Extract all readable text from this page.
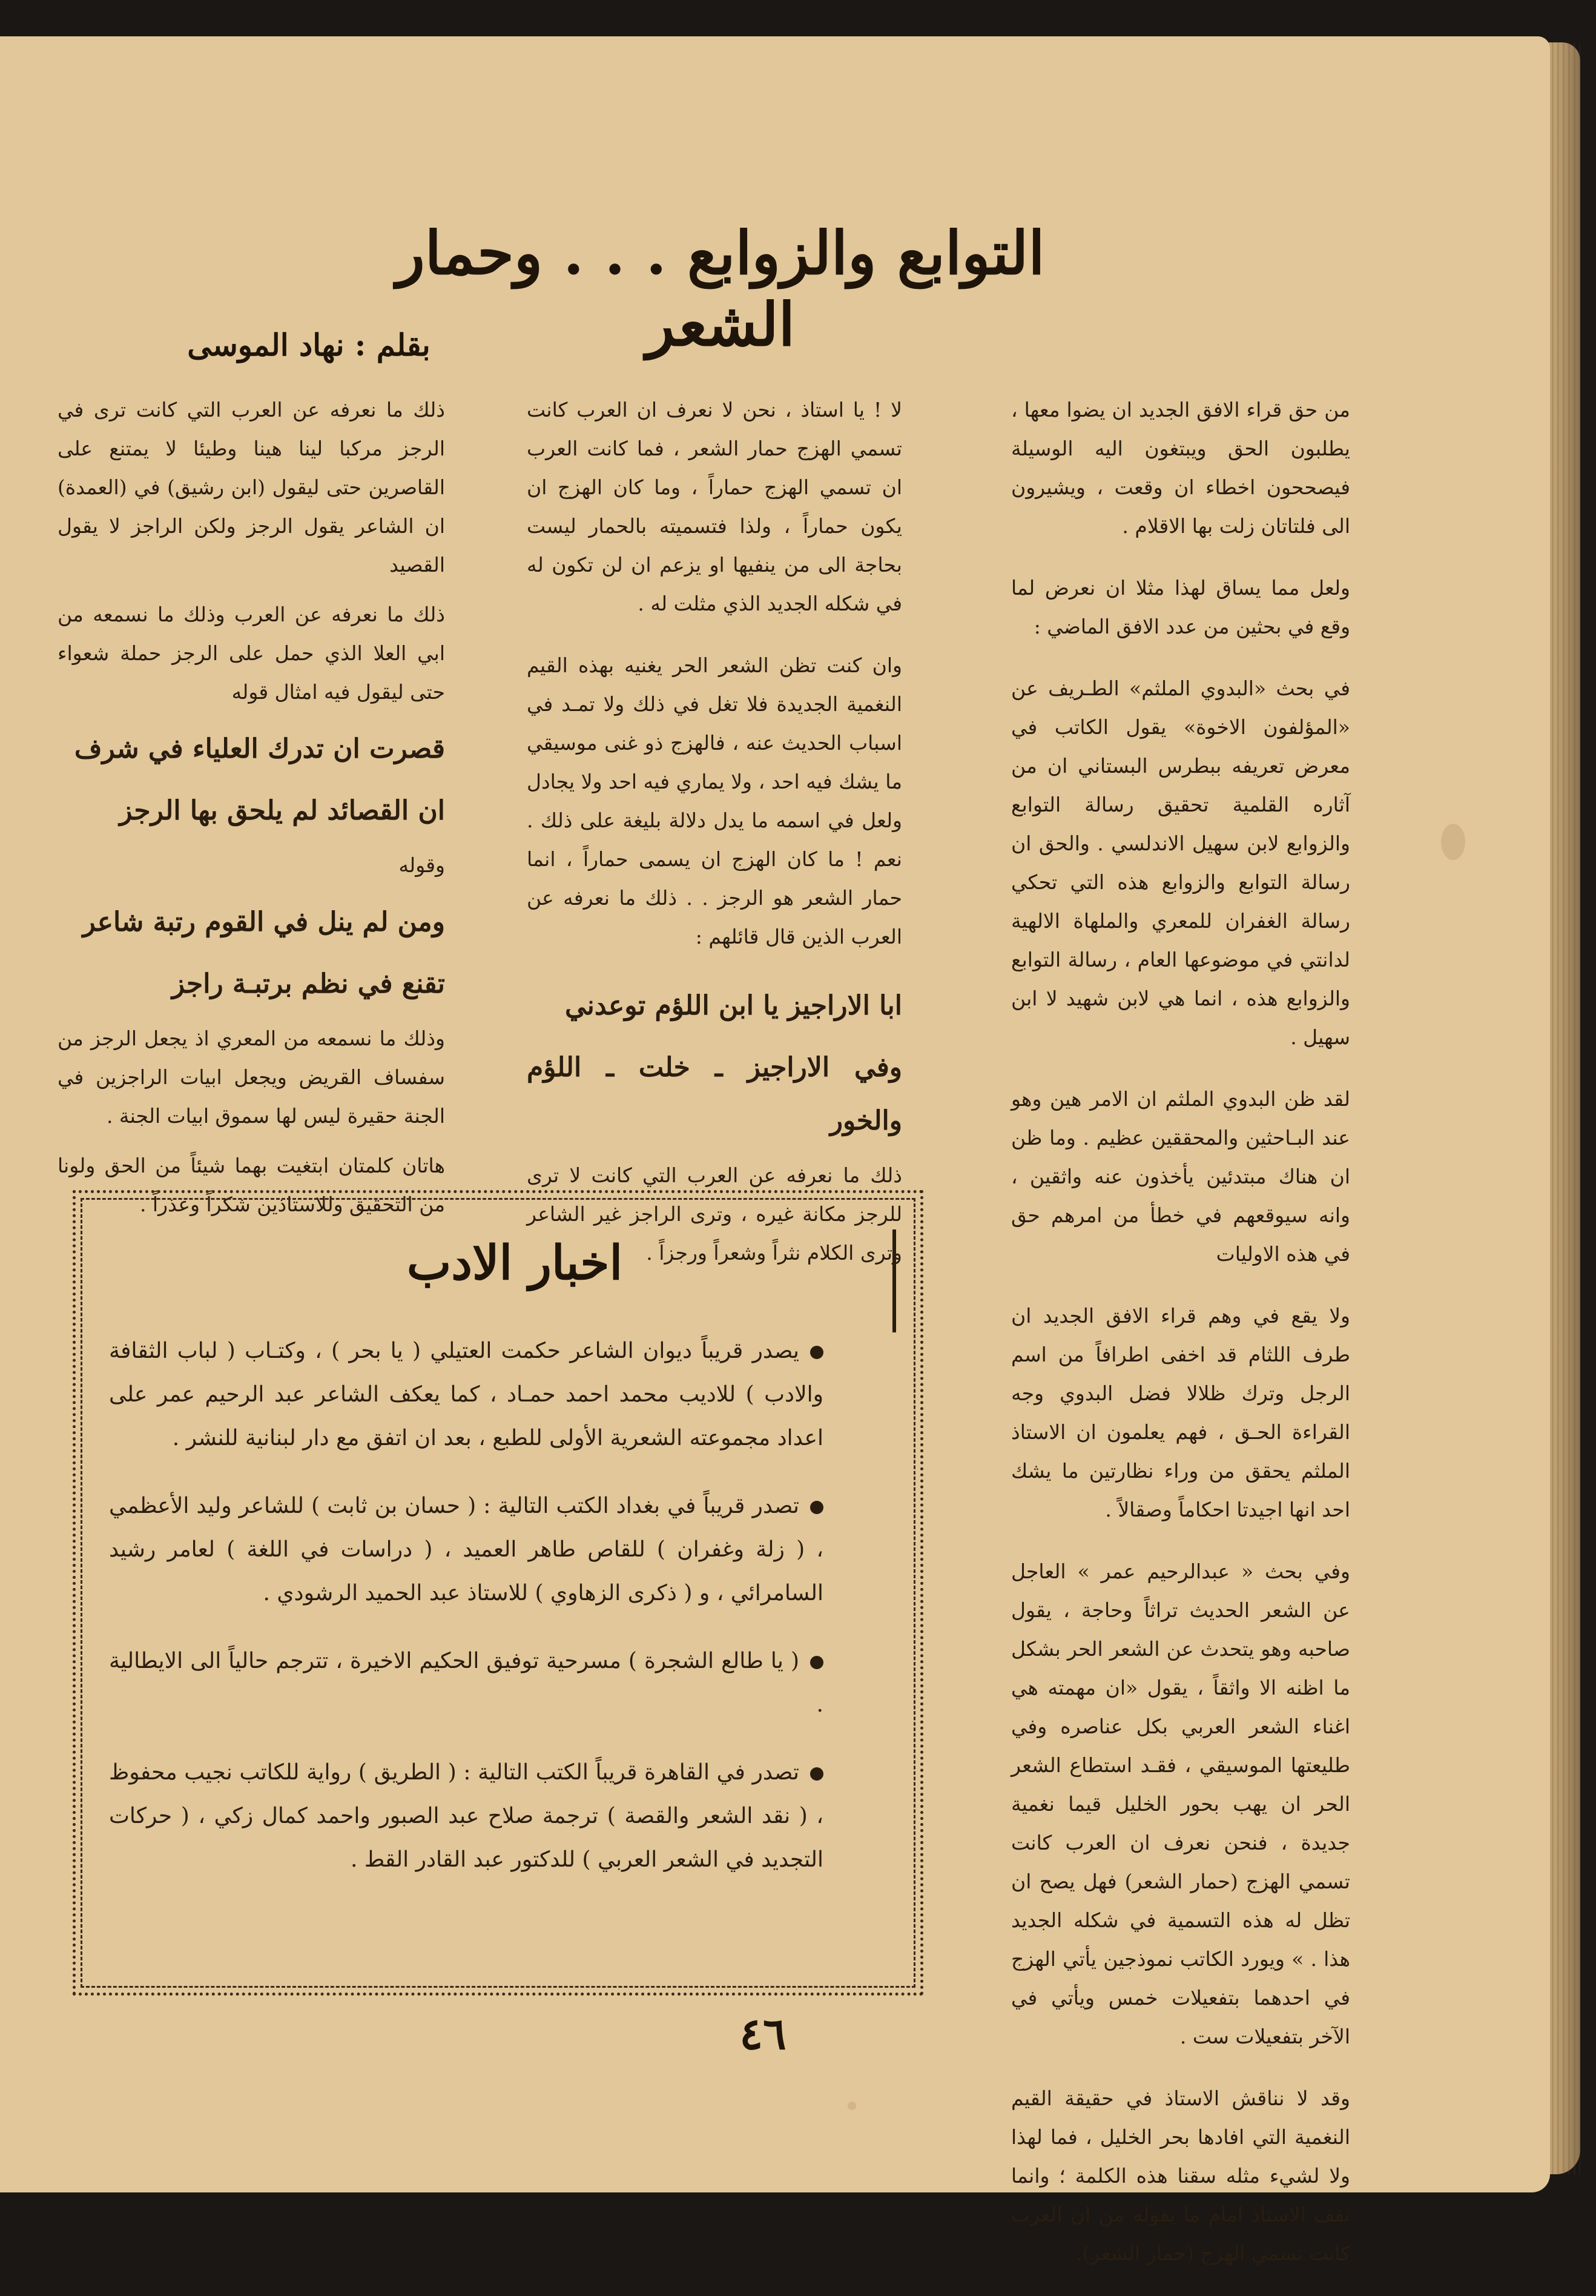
التوابع والزوابع . . . وحمار الشعر
بقلم : نهاد الموسى

من حق قراء الافق الجديد ان يضوا معها ، يطلبون الحق ويبتغون اليه الوسيلة فيصححون اخطاء ان وقعت ، ويشيرون الى فلتاتان زلت بها الاقلام .

ولعل مما يساق لهذا مثلا ان نعرض لما وقع في بحثين من عدد الافق الماضي :

في بحث «البدوي الملثم» الطـريف عن «المؤلفون الاخوة» يقول الكاتب في معرض تعريفه ببطرس البستاني ان من آثاره القلمية تحقيق رسالة التوابع والزوابع لابن سهيل الاندلسي . والحق ان رسالة التوابع والزوابع هذه التي تحكي رسالة الغفران للمعري والملهاة الالهية لدانتي في موضوعها العام ، رسالة التوابع والزوابع هذه ، انما هي لابن شهيد لا ابن سهيل .

لقد ظن البدوي الملثم ان الامر هين وهو عند البـاحثين والمحققين عظيم . وما ظن ان هناك مبتدئين يأخذون عنه واثقين ، وانه سيوقعهم في خطأ من امرهم حق في هذه الاوليات

ولا يقع في وهم قراء الافق الجديد ان طرف اللثام قد اخفى اطرافاً من اسم الرجل وترك ظلالا فضل البدوي وجه القراءة الحـق ، فهم يعلمون ان الاستاذ الملثم يحقق من وراء نظارتين ما يشك احد انها اجيدتا احكاماً وصقالاً .

وفي بحث « عبدالرحيم عمر » العاجل عن الشعر الحديث تراثاً وحاجة ، يقول صاحبه وهو يتحدث عن الشعر الحر بشكل ما اظنه الا واثقاً ، يقول «ان مهمته هي اغناء الشعر العربي بكل عناصره وفي طليعتها الموسيقي ، فقـد استطاع الشعر الحر ان يهب بحور الخليل قيما نغمية جديدة ، فنحن نعرف ان العرب كانت تسمي الهزج (حمار الشعر) فهل يصح ان تظل له هذه التسمية في شكله الجديد هذا . » ويورد الكاتب نموذجين يأتي الهزج في احدهما بتفعيلات خمس ويأتي في الآخر بتفعيلات ست .

وقد لا نناقش الاستاذ في حقيقة القيم النغمية التي افادها بحر الخليل ، فما لهذا ولا لشيء مثله سقنا هذه الكلمة ؛ وانما نقف الاستاذ امام ما يقوله من ان العرب كانت تسمي الهزج (حمار الشعر).

لا ! يا استاذ ، نحن لا نعرف ان العرب كانت تسمي الهزج حمار الشعر ، فما كانت العرب ان تسمي الهزج حماراً ، وما كان الهزج ان يكون حماراً ، ولذا فتسميته بالحمار ليست بحاجة الى من ينفيها او يزعم ان لن تكون له في شكله الجديد الذي مثلت له .

وان كنت تظن الشعر الحر يغنيه بهذه القيم النغمية الجديدة فلا تغل في ذلك ولا تمـد في اسباب الحديث عنه ، فالهزج ذو غنى موسيقي ما يشك فيه احد ، ولا يماري فيه احد ولا يجادل ولعل في اسمه ما يدل دلالة بليغة على ذلك . نعم ! ما كان الهزج ان يسمى حماراً ، انما حمار الشعر هو الرجز . . ذلك ما نعرفه عن العرب الذين قال قائلهم :

ابا الاراجيز يا ابن اللؤم توعدني
وفي الاراجيز ـ خلت ـ اللؤم والخور

ذلك ما نعرفه عن العرب التي كانت لا ترى للرجز مكانة غيره ، وترى الراجز غير الشاعر وترى الكلام نثراً وشعراً ورجزاً .

ذلك ما نعرفه عن العرب التي كانت ترى في الرجز مركبا لينا هينا وطيئا لا يمتنع على القاصرين حتى ليقول (ابن رشيق) في (العمدة) ان الشاعر يقول الرجز ولكن الراجز لا يقول القصيد

ذلك ما نعرفه عن العرب وذلك ما نسمعه من ابي العلا الذي حمل على الرجز حملة شعواء حتى ليقول فيه امثال قوله

قصرت ان تدرك العلياء في شرف
ان القصائد لم يلحق بها الرجز

وقوله

ومن لم ينل في القوم رتبة شاعر
تقنع في نظم برتبـة راجز

وذلك ما نسمعه من المعري اذ يجعل الرجز من سفساف القريض ويجعل ابيات الراجزين في الجنة حقيرة ليس لها سموق ابيات الجنة .

هاتان كلمتان ابتغيت بهما شيئاً من الحق ولونا من التحقيق وللاستاذين شكراً وعذراً .

اخبار الادب

يصدر قريباً ديوان الشاعر حكمت العتيلي ( يا بحر ) ، وكتـاب ( لباب الثقافة والادب ) للاديب محمد احمد حمـاد ، كما يعكف الشاعر عبد الرحيم عمر على اعداد مجموعته الشعرية الأولى للطبع ، بعد ان اتفق مع دار لبنانية للنشر .

تصدر قريباً في بغداد الكتب التالية : ( حسان بن ثابت ) للشاعر وليد الأعظمي ، ( زلة وغفران ) للقاص طاهر العميد ، ( دراسات في اللغة ) لعامر رشيد السامرائي ، و ( ذكرى الزهاوي ) للاستاذ عبد الحميد الرشودي .

( يا طالع الشجرة ) مسرحية توفيق الحكيم الاخيرة ، تترجم حالياً الى الايطالية .

تصدر في القاهرة قريباً الكتب التالية : ( الطريق ) رواية للكاتب نجيب محفوظ ، ( نقد الشعر والقصة ) ترجمة صلاح عبد الصبور واحمد كمال زكي ، ( حركات التجديد في الشعر العربي ) للدكتور عبد القادر القط .

٤٦
